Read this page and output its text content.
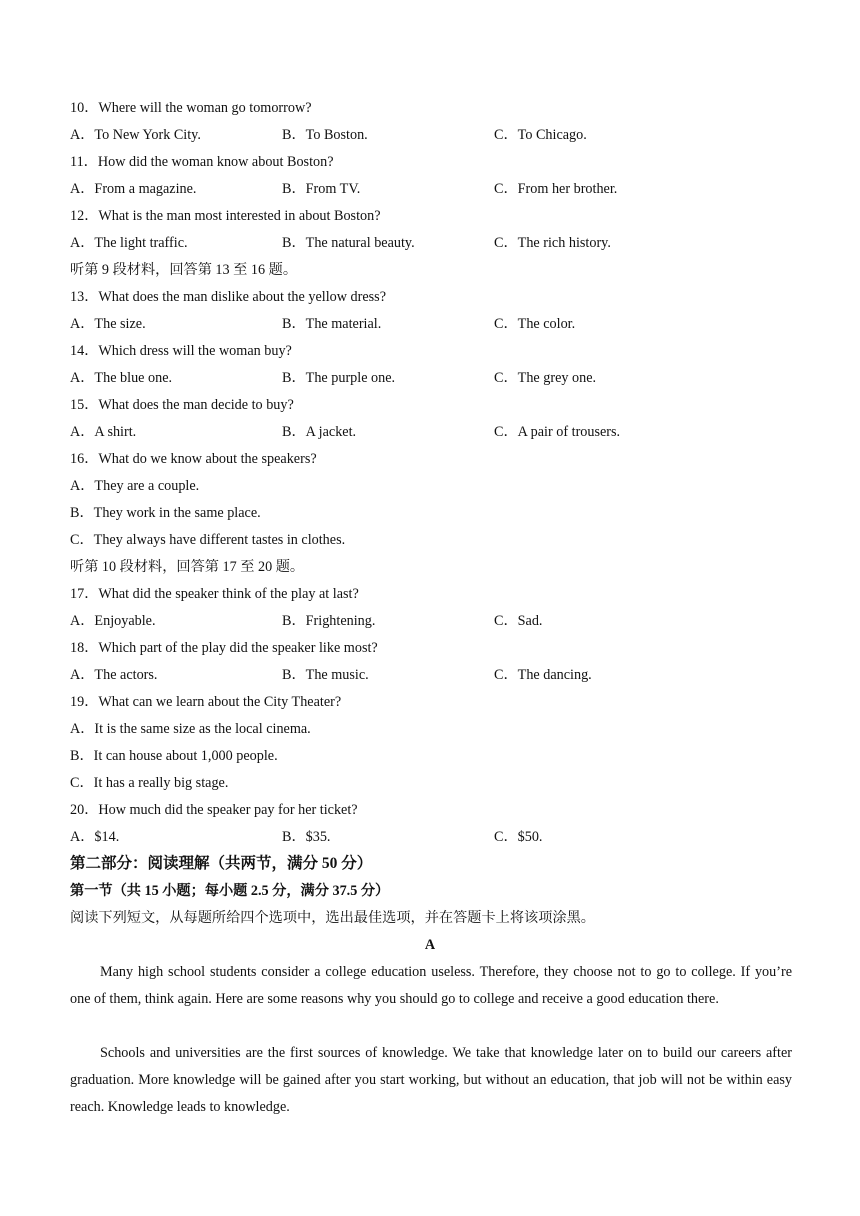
10．Where will the woman go tomorrow?
A．To New York City.	B．To Boston.	C．To Chicago.
11．How did the woman know about Boston?
A．From a magazine.	B．From TV.	C．From her brother.
12．What is the man most interested in about Boston?
A．The light traffic.	B．The natural beauty.	C．The rich history.
听第 9 段材料，回答第 13 至 16 题。
13．What does the man dislike about the yellow dress?
A．The size.	B．The material.	C．The color.
14．Which dress will the woman buy?
A．The blue one.	B．The purple one.	C．The grey one.
15．What does the man decide to buy?
A．A shirt.	B．A jacket.	C．A pair of trousers.
16．What do we know about the speakers?
A．They are a couple.
B．They work in the same place.
C．They always have different tastes in clothes.
听第 10 段材料，回答第 17 至 20 题。
17．What did the speaker think of the play at last?
A．Enjoyable.	B．Frightening.	C．Sad.
18．Which part of the play did the speaker like most?
A．The actors.	B．The music.	C．The dancing.
19．What can we learn about the City Theater?
A．It is the same size as the local cinema.
B．It can house about 1,000 people.
C．It has a really big stage.
20．How much did the speaker pay for her ticket?
A．$14.	B．$35.	C．$50.
第二部分：阅读理解（共两节，满分 50 分）
第一节（共 15 小题；每小题 2.5 分，满分 37.5 分）
阅读下列短文，从每题所给四个选项中，选出最佳选项，并在答题卡上将该项涂黑。
A
Many high school students consider a college education useless. Therefore, they choose not to go to college. If you’re one of them, think again. Here are some reasons why you should go to college and receive a good education there.
Schools and universities are the first sources of knowledge. We take that knowledge later on to build our careers after graduation. More knowledge will be gained after you start working, but without an education, that job will not be within easy reach. Knowledge leads to knowledge.
